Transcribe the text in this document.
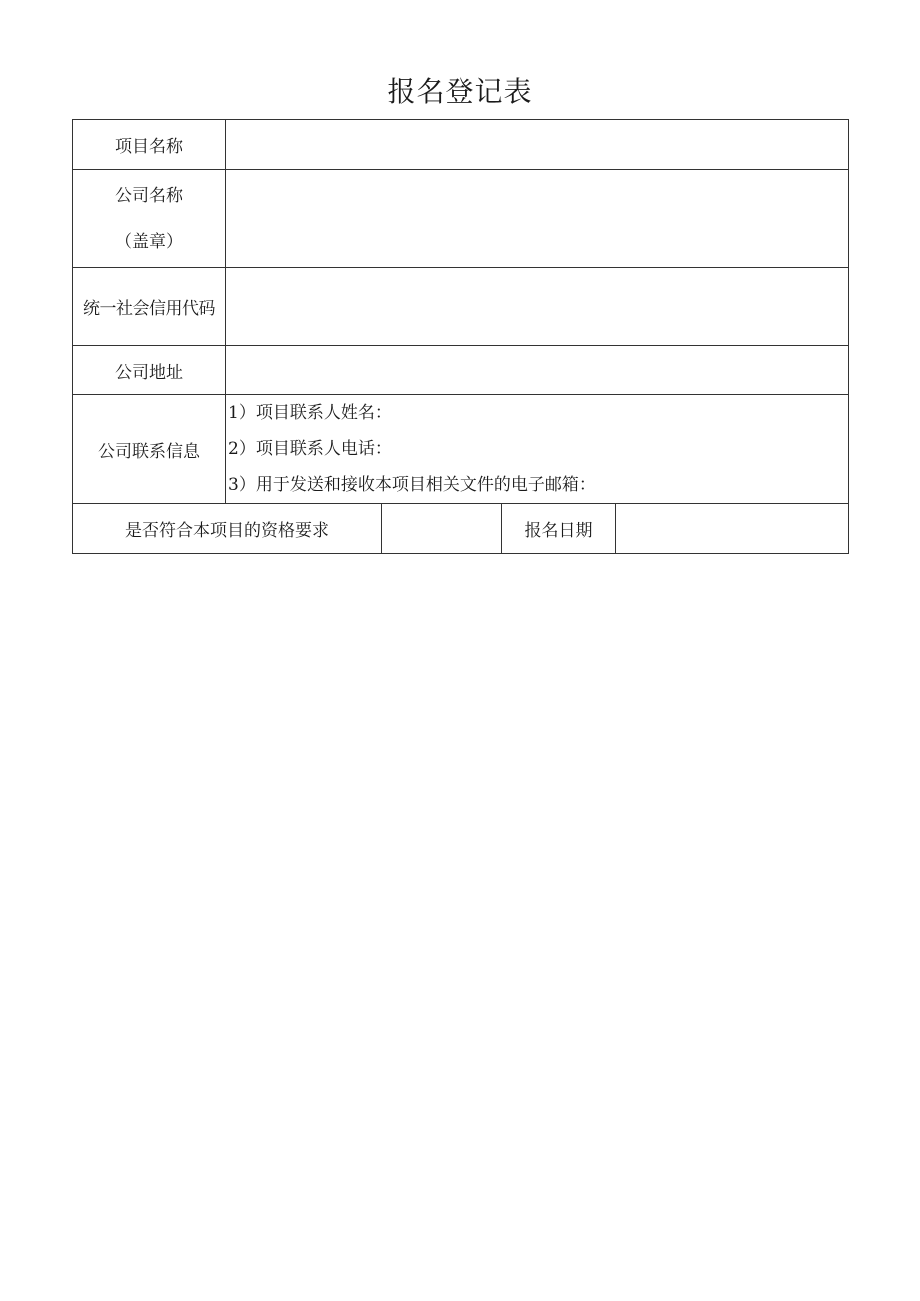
报名登记表
项目名称	

公司名称
（盖章）	

统一社会信用代码	
公司地址	
公司联系信息	1）项目联系人姓名：
2）项目联系人电话：
3）用于发送和接收本项目相关文件的电子邮箱：

是否符合本项目的资格要求 报名日期	
